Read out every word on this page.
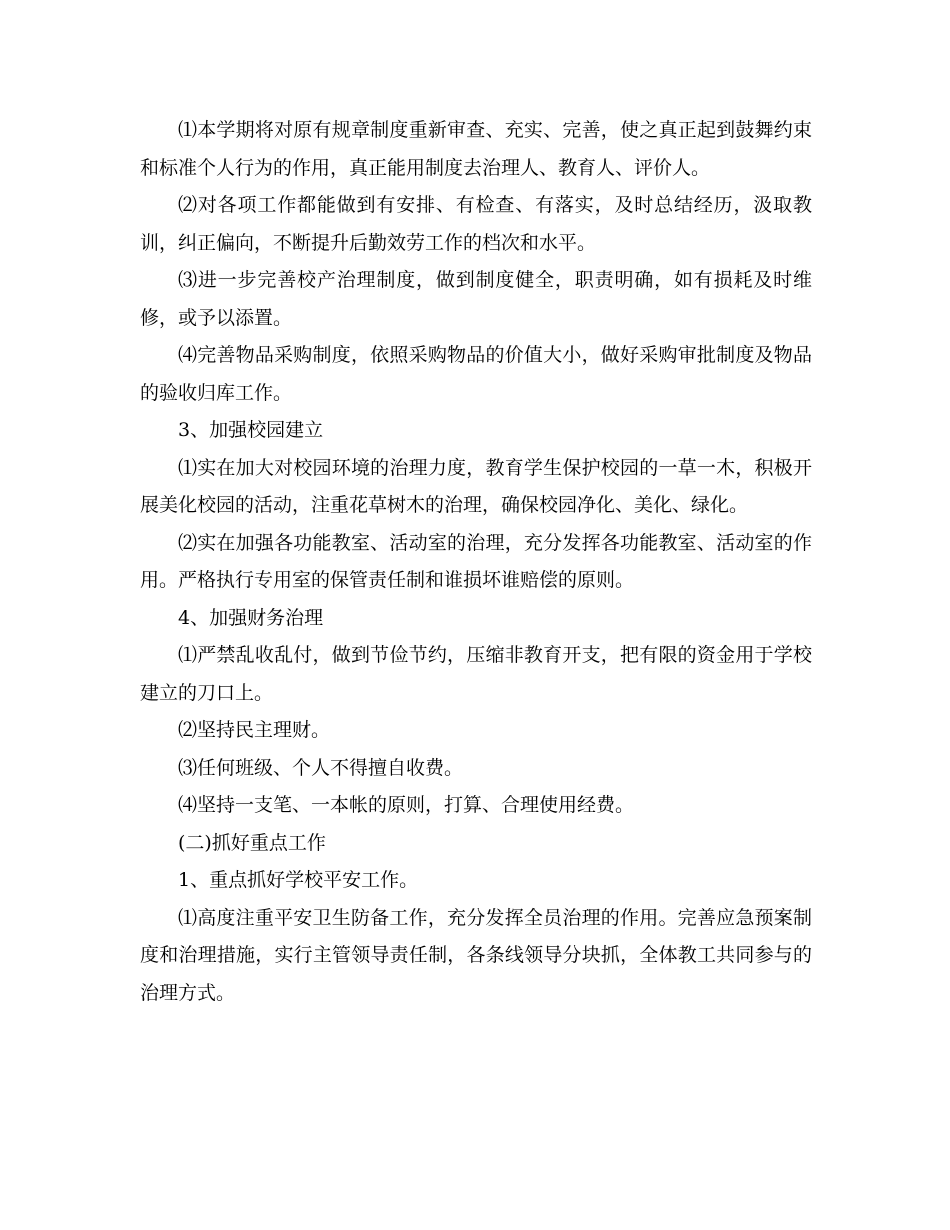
⑴本学期将对原有规章制度重新审查、充实、完善，使之真正起到鼓舞约束和标准个人行为的作用，真正能用制度去治理人、教育人、评价人。

⑵对各项工作都能做到有安排、有检查、有落实，及时总结经历，汲取教训，纠正偏向，不断提升后勤效劳工作的档次和水平。

⑶进一步完善校产治理制度，做到制度健全，职责明确，如有损耗及时维修，或予以添置。

⑷完善物品采购制度，依照采购物品的价值大小，做好采购审批制度及物品的验收归库工作。

3、加强校园建立

⑴实在加大对校园环境的治理力度，教育学生保护校园的一草一木，积极开展美化校园的活动，注重花草树木的治理，确保校园净化、美化、绿化。

⑵实在加强各功能教室、活动室的治理，充分发挥各功能教室、活动室的作用。严格执行专用室的保管责任制和谁损坏谁赔偿的原则。

4、加强财务治理

⑴严禁乱收乱付，做到节俭节约，压缩非教育开支，把有限的资金用于学校建立的刀口上。

⑵坚持民主理财。

⑶任何班级、个人不得擅自收费。

⑷坚持一支笔、一本帐的原则，打算、合理使用经费。

(二)抓好重点工作

1、重点抓好学校平安工作。

⑴高度注重平安卫生防备工作，充分发挥全员治理的作用。完善应急预案制度和治理措施，实行主管领导责任制，各条线领导分块抓，全体教工共同参与的治理方式。
